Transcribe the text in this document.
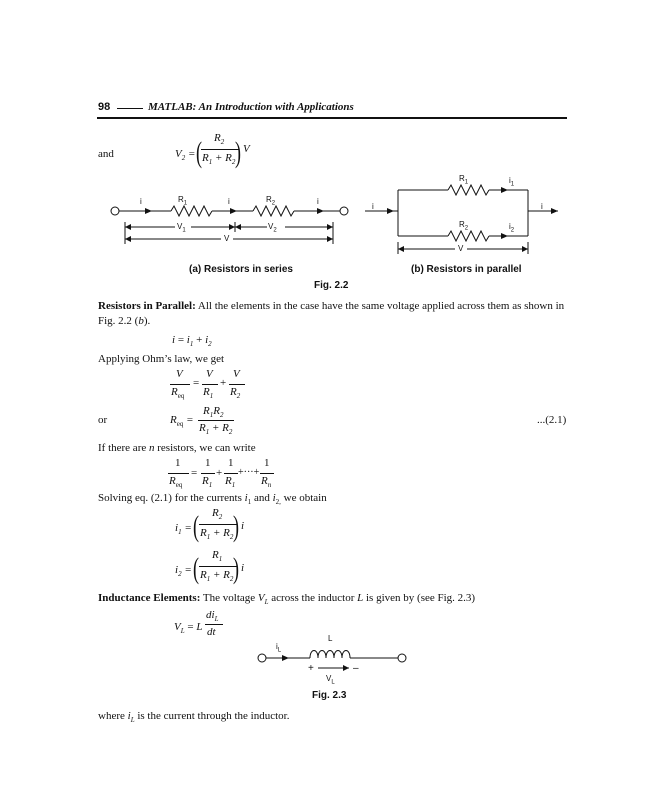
98	MATLAB: An Introduction with Applications
and	$V_2$ = ( $R_2$
$R_1 + R_2$ ) V
i	$R_1$	i	$R_2$	i
$V_1$	$V_2$
V
$R_1$	$i_1$
i	i
$R_2$	$i_2$
V
(a) Resistors in series	(b) Resistors in parallel
Fig. 2.2
Resistors in Parallel: All the elements in the case have the same voltage applied across them as shown in
Fig. 2.2 (b).
$i = i_1 + i_2$
Applying Ohm’s law, we get
V
$R_{eq}$
=
V
$R_1$
+
V
$R_2$
or	$R_{eq}$ =
$R_1R_2$
$R_1 + R_2$
...(2.1)
If there are n resistors, we can write
1
$R_{eq}$
=
1
$R_1$
+
1
$R_1$
+···+
1
$R_n$
Solving eq. (2.1) for the currents $i_1$ and $i_{2,}$ we obtain
$i_1$ = ( $R_2$
$R_1 + R_2$ ) i
$i_2$ = ( $R_1$
$R_1 + R_2$ ) i
Inductance Elements: The voltage $V_L$ across the inductor L is given by (see Fig. 2.3)
$V_L = L$
$di_L$
dt
$i_L$
L
+	–
$V_L$
Fig. 2.3
where $i_L$ is the current through the inductor.
